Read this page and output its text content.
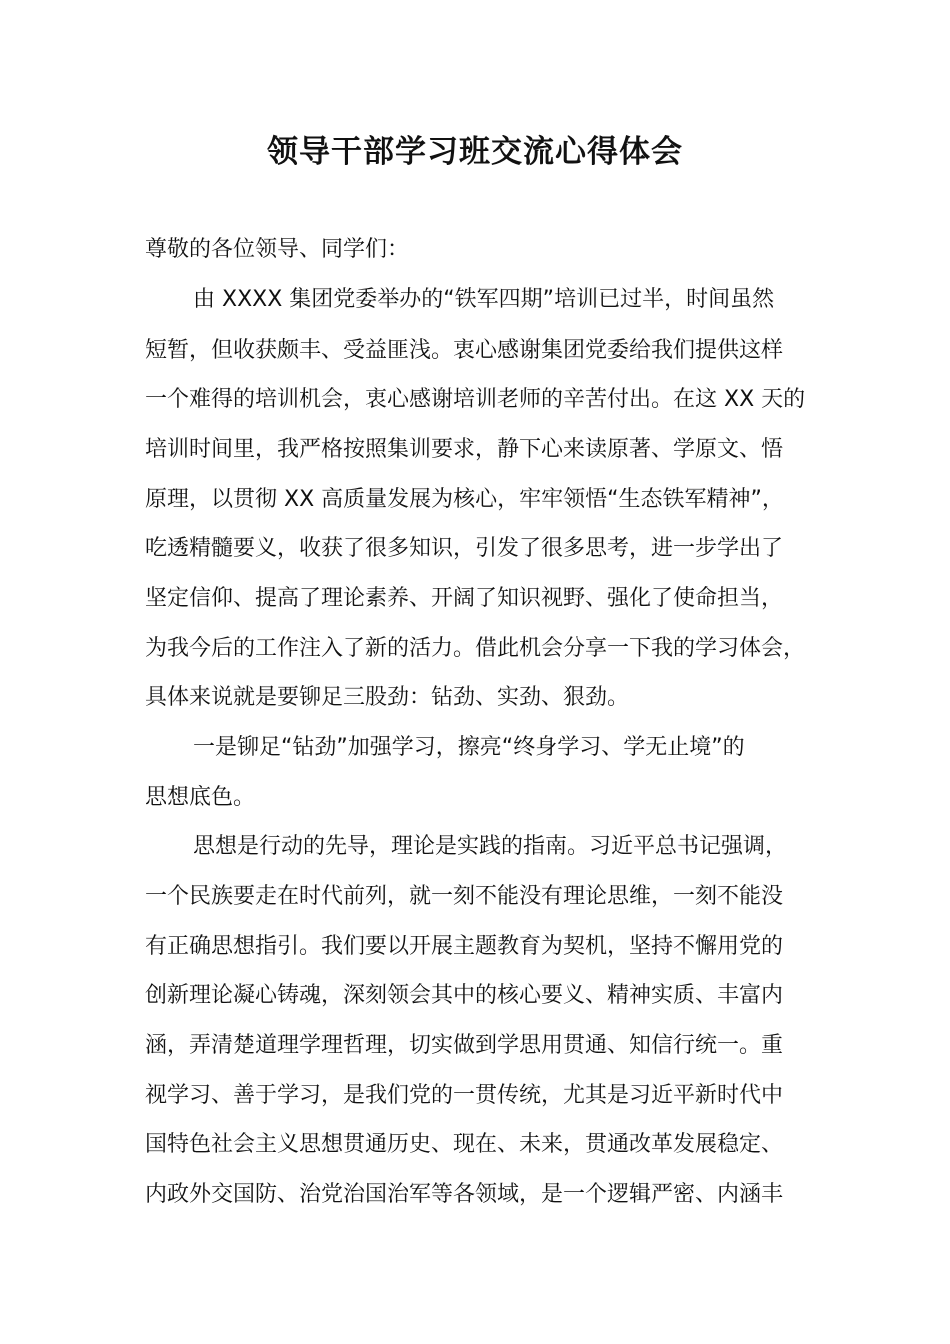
领导干部学习班交流心得体会
尊敬的各位领导、同学们：
由 XXXX 集团党委举办的“铁军四期”培训已过半，时间虽然
短暂，但收获颇丰、受益匪浅。衷心感谢集团党委给我们提供这样
一个难得的培训机会，衷心感谢培训老师的辛苦付出。在这 XX 天的
培训时间里，我严格按照集训要求，静下心来读原著、学原文、悟
原理，以贯彻 XX 高质量发展为核心，牢牢领悟“生态铁军精神”，
吃透精髓要义，收获了很多知识，引发了很多思考，进一步学出了
坚定信仰、提高了理论素养、开阔了知识视野、强化了使命担当，
为我今后的工作注入了新的活力。借此机会分享一下我的学习体会，
具体来说就是要铆足三股劲：钻劲、实劲、狠劲。
一是铆足“钻劲”加强学习，擦亮“终身学习、学无止境”的
思想底色。
思想是行动的先导，理论是实践的指南。习近平总书记强调，
一个民族要走在时代前列，就一刻不能没有理论思维，一刻不能没
有正确思想指引。我们要以开展主题教育为契机，坚持不懈用党的
创新理论凝心铸魂，深刻领会其中的核心要义、精神实质、丰富内
涵，弄清楚道理学理哲理，切实做到学思用贯通、知信行统一。重
视学习、善于学习，是我们党的一贯传统，尤其是习近平新时代中
国特色社会主义思想贯通历史、现在、未来，贯通改革发展稳定、
内政外交国防、治党治国治军等各领域，是一个逻辑严密、内涵丰
